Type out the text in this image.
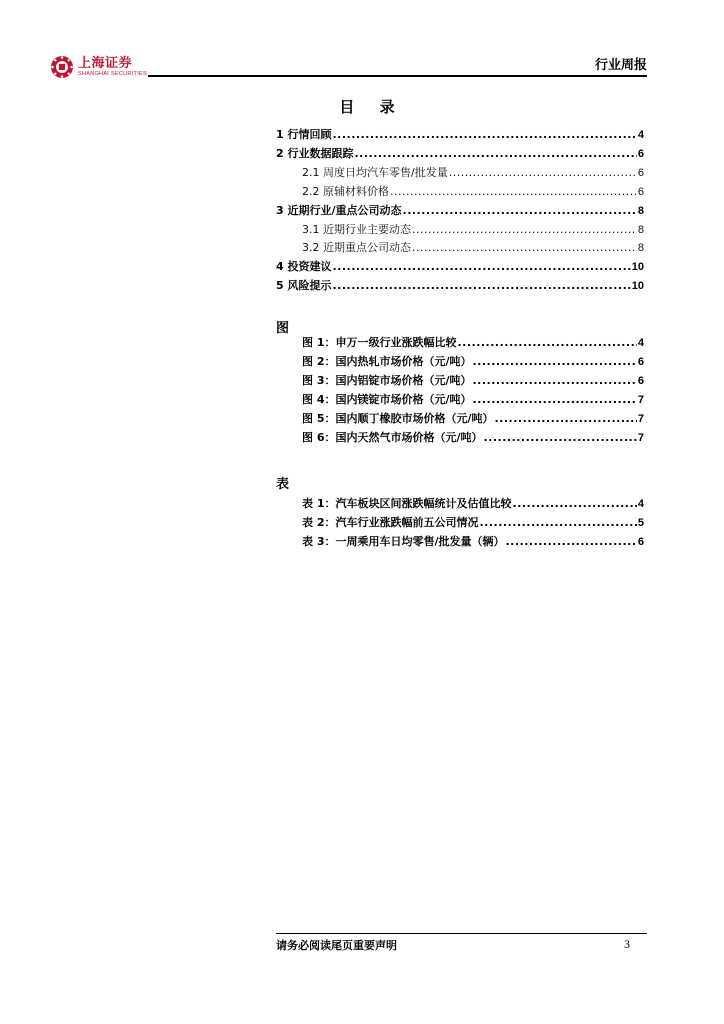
上海证券
SHANGHAI SECURITIES
行业周报
目 录
1 行情回顾 .....	4
2 行业数据跟踪 .....	6
2.1 周度日均汽车零售/批发量 .....	6
2.2 原辅材料价格 .....	6
3 近期行业/重点公司动态 .....	8
3.1 近期行业主要动态 .....	8
3.2 近期重点公司动态 .....	8
4 投资建议 .....	10
5 风险提示 .....	10
图
图 1：申万一级行业涨跌幅比较 .....	4
图 2：国内热轧市场价格（元/吨） .....	6
图 3：国内铝锭市场价格（元/吨） .....	6
图 4：国内镁锭市场价格（元/吨） .....	7
图 5：国内顺丁橡胶市场价格（元/吨） .....	7
图 6：国内天然气市场价格（元/吨） .....	7
表
表 1：汽车板块区间涨跌幅统计及估值比较 .....	4
表 2：汽车行业涨跌幅前五公司情况 .....	5
表 3：一周乘用车日均零售/批发量（辆） .....	6
请务必阅读尾页重要声明	3
